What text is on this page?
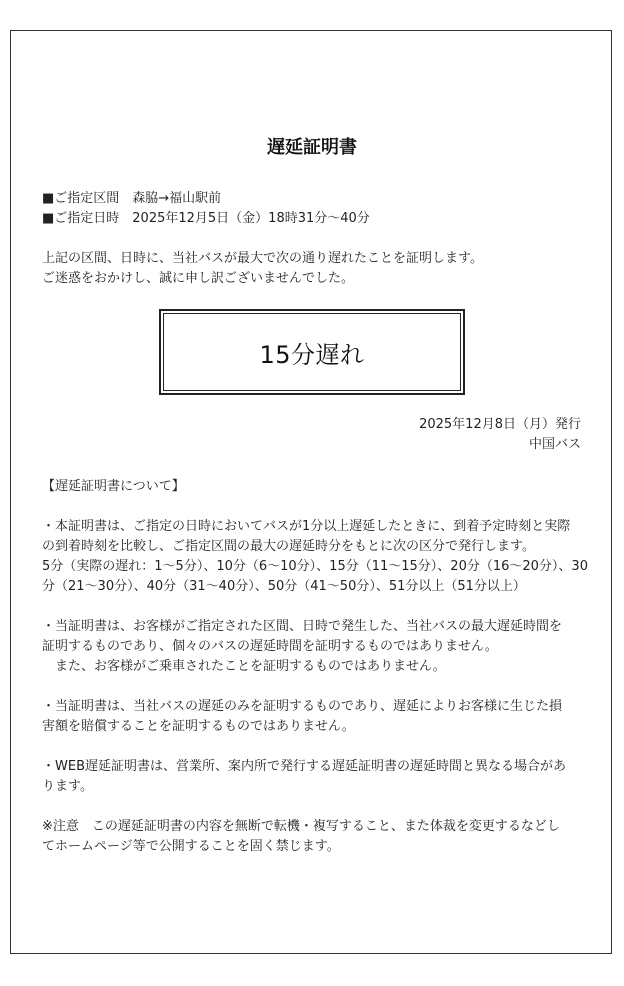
遅延証明書
■ご指定区間　森脇→福山駅前
■ご指定日時　2025年12月5日（金）18時31分～40分
上記の区間、日時に、当社バスが最大で次の通り遅れたことを証明します。
ご迷惑をおかけし、誠に申し訳ございませんでした。
15分遅れ
2025年12月8日（月）発行
中国バス
【遅延証明書について】
・本証明書は、ご指定の日時においてバスが1分以上遅延したときに、到着予定時刻と実際
の到着時刻を比較し、ご指定区間の最大の遅延時分をもとに次の区分で発行します。
5分（実際の遅れ：1～5分）、10分（6～10分）、15分（11～15分）、20分（16～20分）、30
分（21～30分）、40分（31～40分）、50分（41～50分）、51分以上（51分以上）
・当証明書は、お客様がご指定された区間、日時で発生した、当社バスの最大遅延時間を
証明するものであり、個々のバスの遅延時間を証明するものではありません。
また、お客様がご乗車されたことを証明するものではありません。
・当証明書は、当社バスの遅延のみを証明するものであり、遅延によりお客様に生じた損
害額を賠償することを証明するものではありません。
・WEB遅延証明書は、営業所、案内所で発行する遅延証明書の遅延時間と異なる場合があ
ります。
※注意　この遅延証明書の内容を無断で転機・複写すること、また体裁を変更するなどし
てホームページ等で公開することを固く禁じます。
